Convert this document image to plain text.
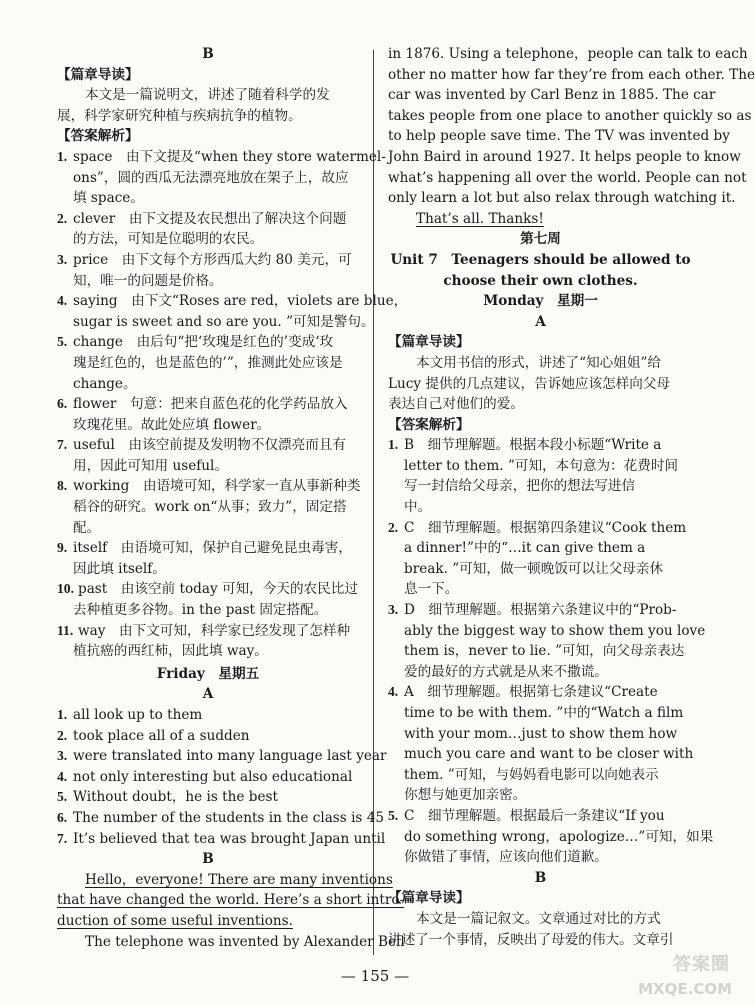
B
【篇章导读】
本文是一篇说明文，讲述了随着科学的发
展，科学家研究种植与疾病抗争的植物。
【答案解析】
1. space　由下文提及“when they store watermel-
ons”，圆的西瓜无法漂亮地放在架子上，故应
填 space。
2. clever　由下文提及农民想出了解决这个问题
的方法，可知是位聪明的农民。
3. price　由下文每个方形西瓜大约 80 美元，可
知，唯一的问题是价格。
4. saying　由下文“Roses are red，violets are blue，
sugar is sweet and so are you. ”可知是警句。
5. change　由后句“把‘玫瑰是红色的’变成‘玫
瑰是红色的，也是蓝色的’”，推测此处应该是
change。
6. flower　句意：把来自蓝色花的化学药品放入
玫瑰花里。故此处应填 flower。
7. useful　由该空前提及发明物不仅漂亮而且有
用，因此可知用 useful。
8. working　由语境可知，科学家一直从事新种类
稻谷的研究。work on“从事；致力”，固定搭
配。
9. itself　由语境可知，保护自己避免昆虫毒害，
因此填 itself。
10. past　由该空前 today 可知，今天的农民比过
去种植更多谷物。in the past 固定搭配。
11. way　由下文可知，科学家已经发现了怎样种
植抗癌的西红柿，因此填 way。
Friday　星期五
A
1. all look up to them
2. took place all of a sudden
3. were translated into many language last year
4. not only interesting but also educational
5. Without doubt，he is the best
6. The number of the students in the class is 45
7. It’s believed that tea was brought Japan until
B
Hello，everyone! There are many inventions
that have changed the world. Here’s a short intro-
duction of some useful inventions.
The telephone was invented by Alexander Bell
in 1876. Using a telephone，people can talk to each
other no matter how far they’re from each other. The
car was invented by Carl Benz in 1885. The car
takes people from one place to another quickly so as
to help people save time. The TV was invented by
John Baird in around 1927. It helps people to know
what’s happening all over the world. People can not
only learn a lot but also relax through watching it.
That’s all. Thanks!
第七周
Unit 7　Teenagers should be allowed to
choose their own clothes.
Monday　星期一
A
【篇章导读】
本文用书信的形式，讲述了“知心姐姐”给
Lucy 提供的几点建议，告诉她应该怎样向父母
表达自己对他们的爱。
【答案解析】
1. B　细节理解题。根据本段小标题“Write a
letter to them. ”可知，本句意为：花费时间
写一封信给父母亲，把你的想法写进信
中。
2. C　细节理解题。根据第四条建议“Cook them
a dinner!”中的“…it can give them a
break. ”可知，做一顿晚饭可以让父母亲休
息一下。
3. D　细节理解题。根据第六条建议中的“Prob-
ably the biggest way to show them you love
them is，never to lie. ”可知，向父母亲表达
爱的最好的方式就是从来不撒谎。
4. A　细节理解题。根据第七条建议“Create
time to be with them. ”中的“Watch a film
with your mom…just to show them how
much you care and want to be closer with
them. ”可知，与妈妈看电影可以向她表示
你想与她更加亲密。
5. C　细节理解题。根据最后一条建议“If you
do something wrong，apologize…”可知，如果
你做错了事情，应该向他们道歉。
B
【篇章导读】
本文是一篇记叙文。文章通过对比的方式
讲述了一个事情，反映出了母爱的伟大。文章引
— 155 —
答案圈
MXQE.COM
